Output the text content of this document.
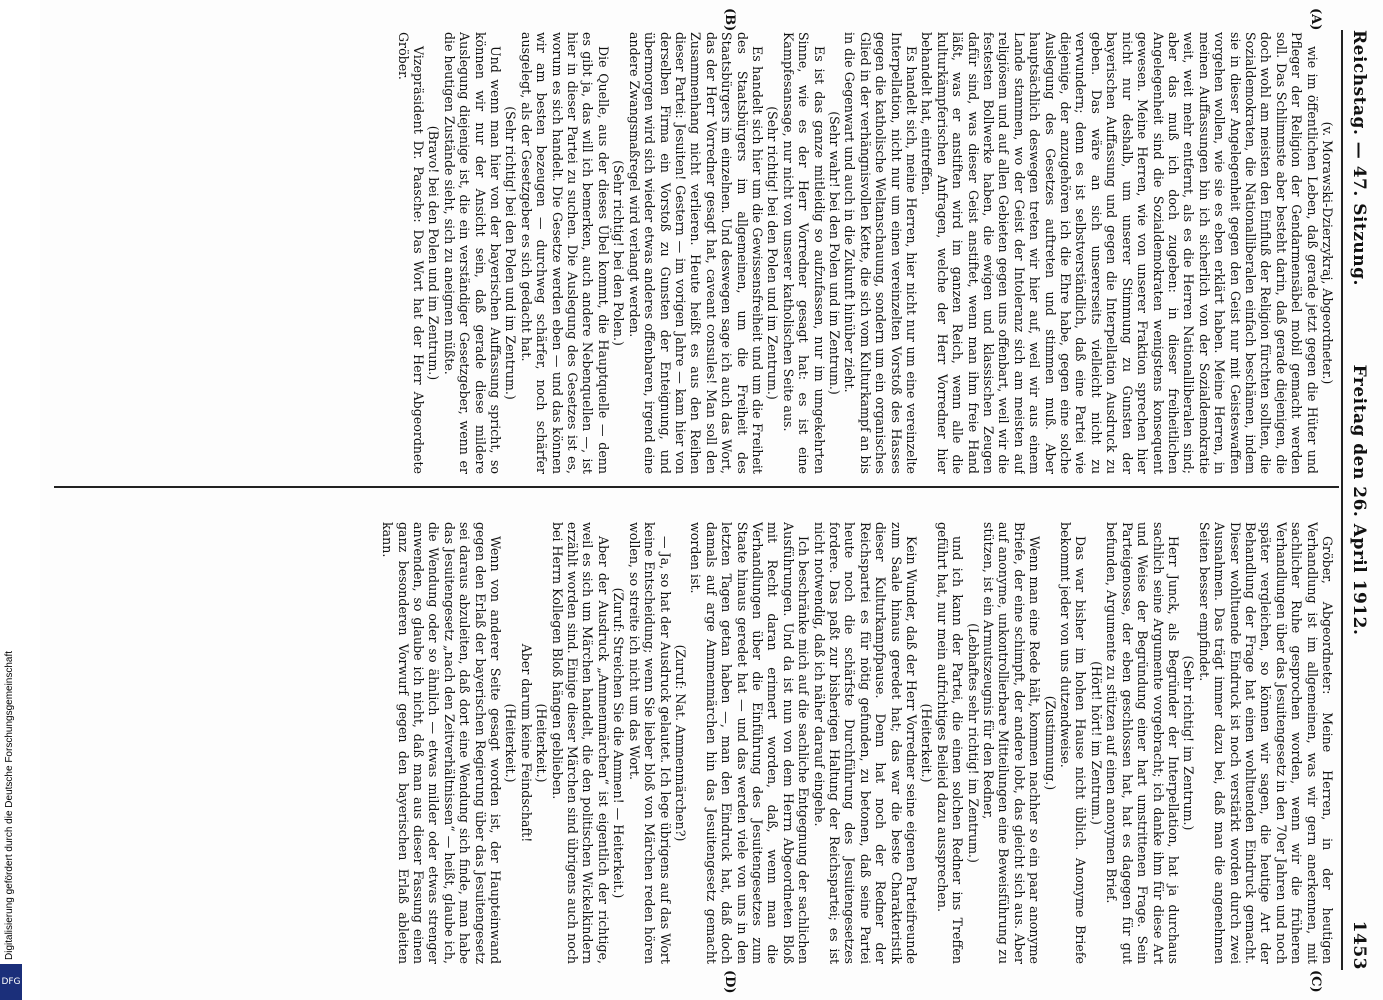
Digitalisierung gefördert durch die Deutsche Forschungsgemeinschaft
DFG
Reichstag. — 47. Sitzung.
Freitag den 26. April 1912.
1453
(A)
(B)
(C)
(D)

(v. Morawski-Dzierzykraj, Abgeordneter.)

wie im öffentlichen Leben, daß gerade jetzt gegen die Hüter und Pfleger der Religion der Gendarmensäbel mobil gemacht werden soll. Das Schlimmste aber besteht darin, daß gerade diejenigen, die doch wohl am meisten den Einfluß der Religion fürchten sollten, die Sozialdemokraten, die Nationalliberalen einfach beschämen, indem sie in dieser Angelegenheit gegen den Geist nur mit Geisteswaffen vorgehen wollen, wie sie es eben erklärt haben. Meine Herren, in meinen Auffassungen bin ich sicherlich von der Sozialdemokratie weit, weit mehr entfernt, als es die Herren Nationalliberalen sind; aber das muß ich doch zugeben: in dieser freiheitlichen Angelegenheit sind die Sozialdemokraten wenigstens konsequent gewesen. Meine Herren, wie von unserer Fraktion sprechen hier nicht nur deshalb, um unserer Stimmung zu Gunsten der bayerischen Auffassung und gegen die Interpellation Ausdruck zu geben. Das wäre an sich unsererseits vielleicht nicht zu verwundern; denn es ist selbstverständlich, daß eine Partei wie diejenige, der anzugehören ich die Ehre habe, gegen eine solche Auslegung des Gesetzes auftreten und stimmen muß. Aber hauptsächlich deswegen treten wir hier auf, weil wir aus einem Lande stammen, wo der Geist der Intoleranz sich am meisten auf religiösem und auf allen Gebieten gegen uns offenbart, weil wir die festesten Bollwerke haben, die ewigen und klassischen Zeugen dafür sind, was dieser Geist anstiftet, wenn man ihm freie Hand läßt, was er anstiften wird im ganzen Reich, wenn alle die kulturkämpferischen Anfragen, welche der Herr Vorredner hier behandelt hat, eintreffen.

Es handelt sich, meine Herren, hier nicht nur um eine vereinzelte Interpellation, nicht nur um einen vereinzelten Vorstoß des Hasses gegen die katholische Weltanschauung, sondern um ein organisches Glied in der verhängnisvollen Kette, die sich vom Kulturkampf an bis in die Gegenwart und auch in die Zukunft hinüber zieht.

(Sehr wahr! bei den Polen und im Zentrum.)

Es ist das ganze mitleidig so aufzufassen, nur im umgekehrten Sinne, wie es der Herr Vorredner gesagt hat: es ist eine Kampfesansage, nur nicht von unserer katholischen Seite aus.

(Sehr richtig! bei den Polen und im Zentrum.)

Es handelt sich hier um die Gewissensfreiheit und um die Freiheit des Staatsbürgers im allgemeinen, um die Freiheit des Staatsbürgers im einzelnen. Und deswegen sage ich auch das Wort, das der Herr Vorredner gesagt hat, caveant consules! Man soll den Zusammenhang nicht verlieren. Heute heißt es aus den Reihen dieser Partei: Jesuiten! Gestern — im vorigen Jahre — kam hier von derselben Firma ein Vorstoß zu Gunsten der Enteignung, und übermorgen wird sich wieder etwas anderes offenbaren, irgend eine andere Zwangsmaßregel wird verlangt werden.

(Sehr richtig! bei den Polen.)

Die Quelle, aus der dieses Übel kommt, die Hauptquelle — denn es gibt ja, das will ich bemerken, auch andere Nebenquellen —, ist hier in dieser Partei zu suchen. Die Auslegung des Gesetzes ist es, worum es sich handelt. Die Gesetze werden eben — und das können wir am besten bezeugen — durchweg schärfer, noch schärfer ausgelegt, als der Gesetzgeber es sich gedacht hat.

(Sehr richtig! bei den Polen und im Zentrum.)

Und wenn man hier von der bayerischen Auffassung spricht, so können wir nur der Ansicht sein, daß gerade diese mildere Auslegung diejenige ist, die ein verständiger Gesetzgeber, wenn er die heutigen Zustände sieht, sich zu aneignen müßte.

(Bravo! bei den Polen und im Zentrum.)

Vizepräsident Dr. Paasche: Das Wort hat der Herr Abgeordnete Gröber.

Gröber, Abgeordneter: Meine Herren, in der heutigen Verhandlung ist im allgemeinen, was wir gern anerkennen, mit sachlicher Ruhe gesprochen worden, wenn wir die früheren Verhandlungen über das Jesuitengesetz in den 70er Jahren und noch später vergleichen, so können wir sagen, die heutige Art der Behandlung der Frage hat einen wohltuenden Eindruck gemacht. Dieser wohltuende Eindruck ist noch verstärkt worden durch zwei Ausnahmen. Das trägt immer dazu bei, daß man die angenehmen Seiten besser empfindet.

(Sehr richtig! im Zentrum.)

Herr Junck, als Begründer der Interpellation, hat ja durchaus sachlich seine Argumente vorgebracht; ich danke ihm für diese Art und Weise der Begründung einer hart umstrittenen Frage. Sein Parteigenosse, der eben geschlossen hat, hat es dagegen für gut befunden, Argumente zu stützen auf einen anonymen Brief.

(Hört! hört! im Zentrum.)

Das war bisher im hohen Hause nicht üblich. Anonyme Briefe bekommt jeder von uns dutzendweise.

(Zustimmung.)

Wenn man eine Rede hält, kommen nachher so ein paar anonyme Briefe, der eine schimpft, der andere lobt, das gleicht sich aus. Aber auf anonyme, unkontrollierbare Mitteilungen eine Beweisführung zu stützen, ist ein Armutszeugnis für den Redner,

(Lebhaftes sehr richtig! im Zentrum.)

und ich kann der Partei, die einen solchen Redner ins Treffen geführt hat, nur mein aufrichtiges Beileid dazu aussprechen.

(Heiterkeit.)

Kein Wunder, daß der Herr Vorredner seine eigenen Parteifreunde zum Saale hinaus geredet hat; das war die beste Charakteristik dieser Kulturkampfpause. Denn hat noch der Redner der Reichspartei es für nötig gefunden, zu betonen, daß seine Partei heute noch die schärfste Durchführung des Jesuitengesetzes fordere. Das paßt zur bisherigen Haltung der Reichspartei; es ist nicht notwendig, daß ich näher darauf eingehe.

Ich beschränke mich auf die sachliche Entgegnung der sachlichen Ausführungen. Und da ist nun von dem Herrn Abgeordneten Bloß mit Recht daran erinnert worden, daß, wenn man die Verhandlungen über die Einführung des Jesuitengesetzes zum Staate hinaus geredet hat — und das werden viele von uns in den letzten Tagen getan haben —, man den Eindruck hat, daß doch damals auf arge Ammenmärchen hin das Jesuitengesetz gemacht worden ist.

(Zuruf: Nat. Ammenmärchen?)

— Ja, so hat der Ausdruck gelautet. Ich lege übrigens auf das Wort keine Entscheidung; wenn Sie lieber bloß von Märchen reden hören wollen, so streite ich nicht um das Wort.

(Zuruf: Streichen Sie die Ammen! — Heiterkeit.)

Aber der Ausdruck „Ammenmärchen“ ist eigentlich der richtige, weil es sich um Märchen handelt, die den politischen Wickelkindern erzählt worden sind. Einige dieser Märchen sind übrigens auch noch bei Herrn Kollegen Bloß hängen geblieben.

(Heiterkeit.)

Aber darum keine Feindschaft!

(Heiterkeit.)

Wenn von anderer Seite gesagt worden ist, der Haupteinwand gegen den Erlaß der bayerischen Regierung über das Jesuitengesetz sei daraus abzuleiten, daß dort eine Wendung sich finde, man habe das Jesuitengesetz „nach den Zeitverhältnissen“ — heißt, glaube ich, die Wendung oder so ähnlich — etwas milder oder etwas strenger anwenden, so glaube ich nicht, daß man aus dieser Fassung einen ganz besonderen Vorwurf gegen den bayerischen Erlaß ableiten kann.
